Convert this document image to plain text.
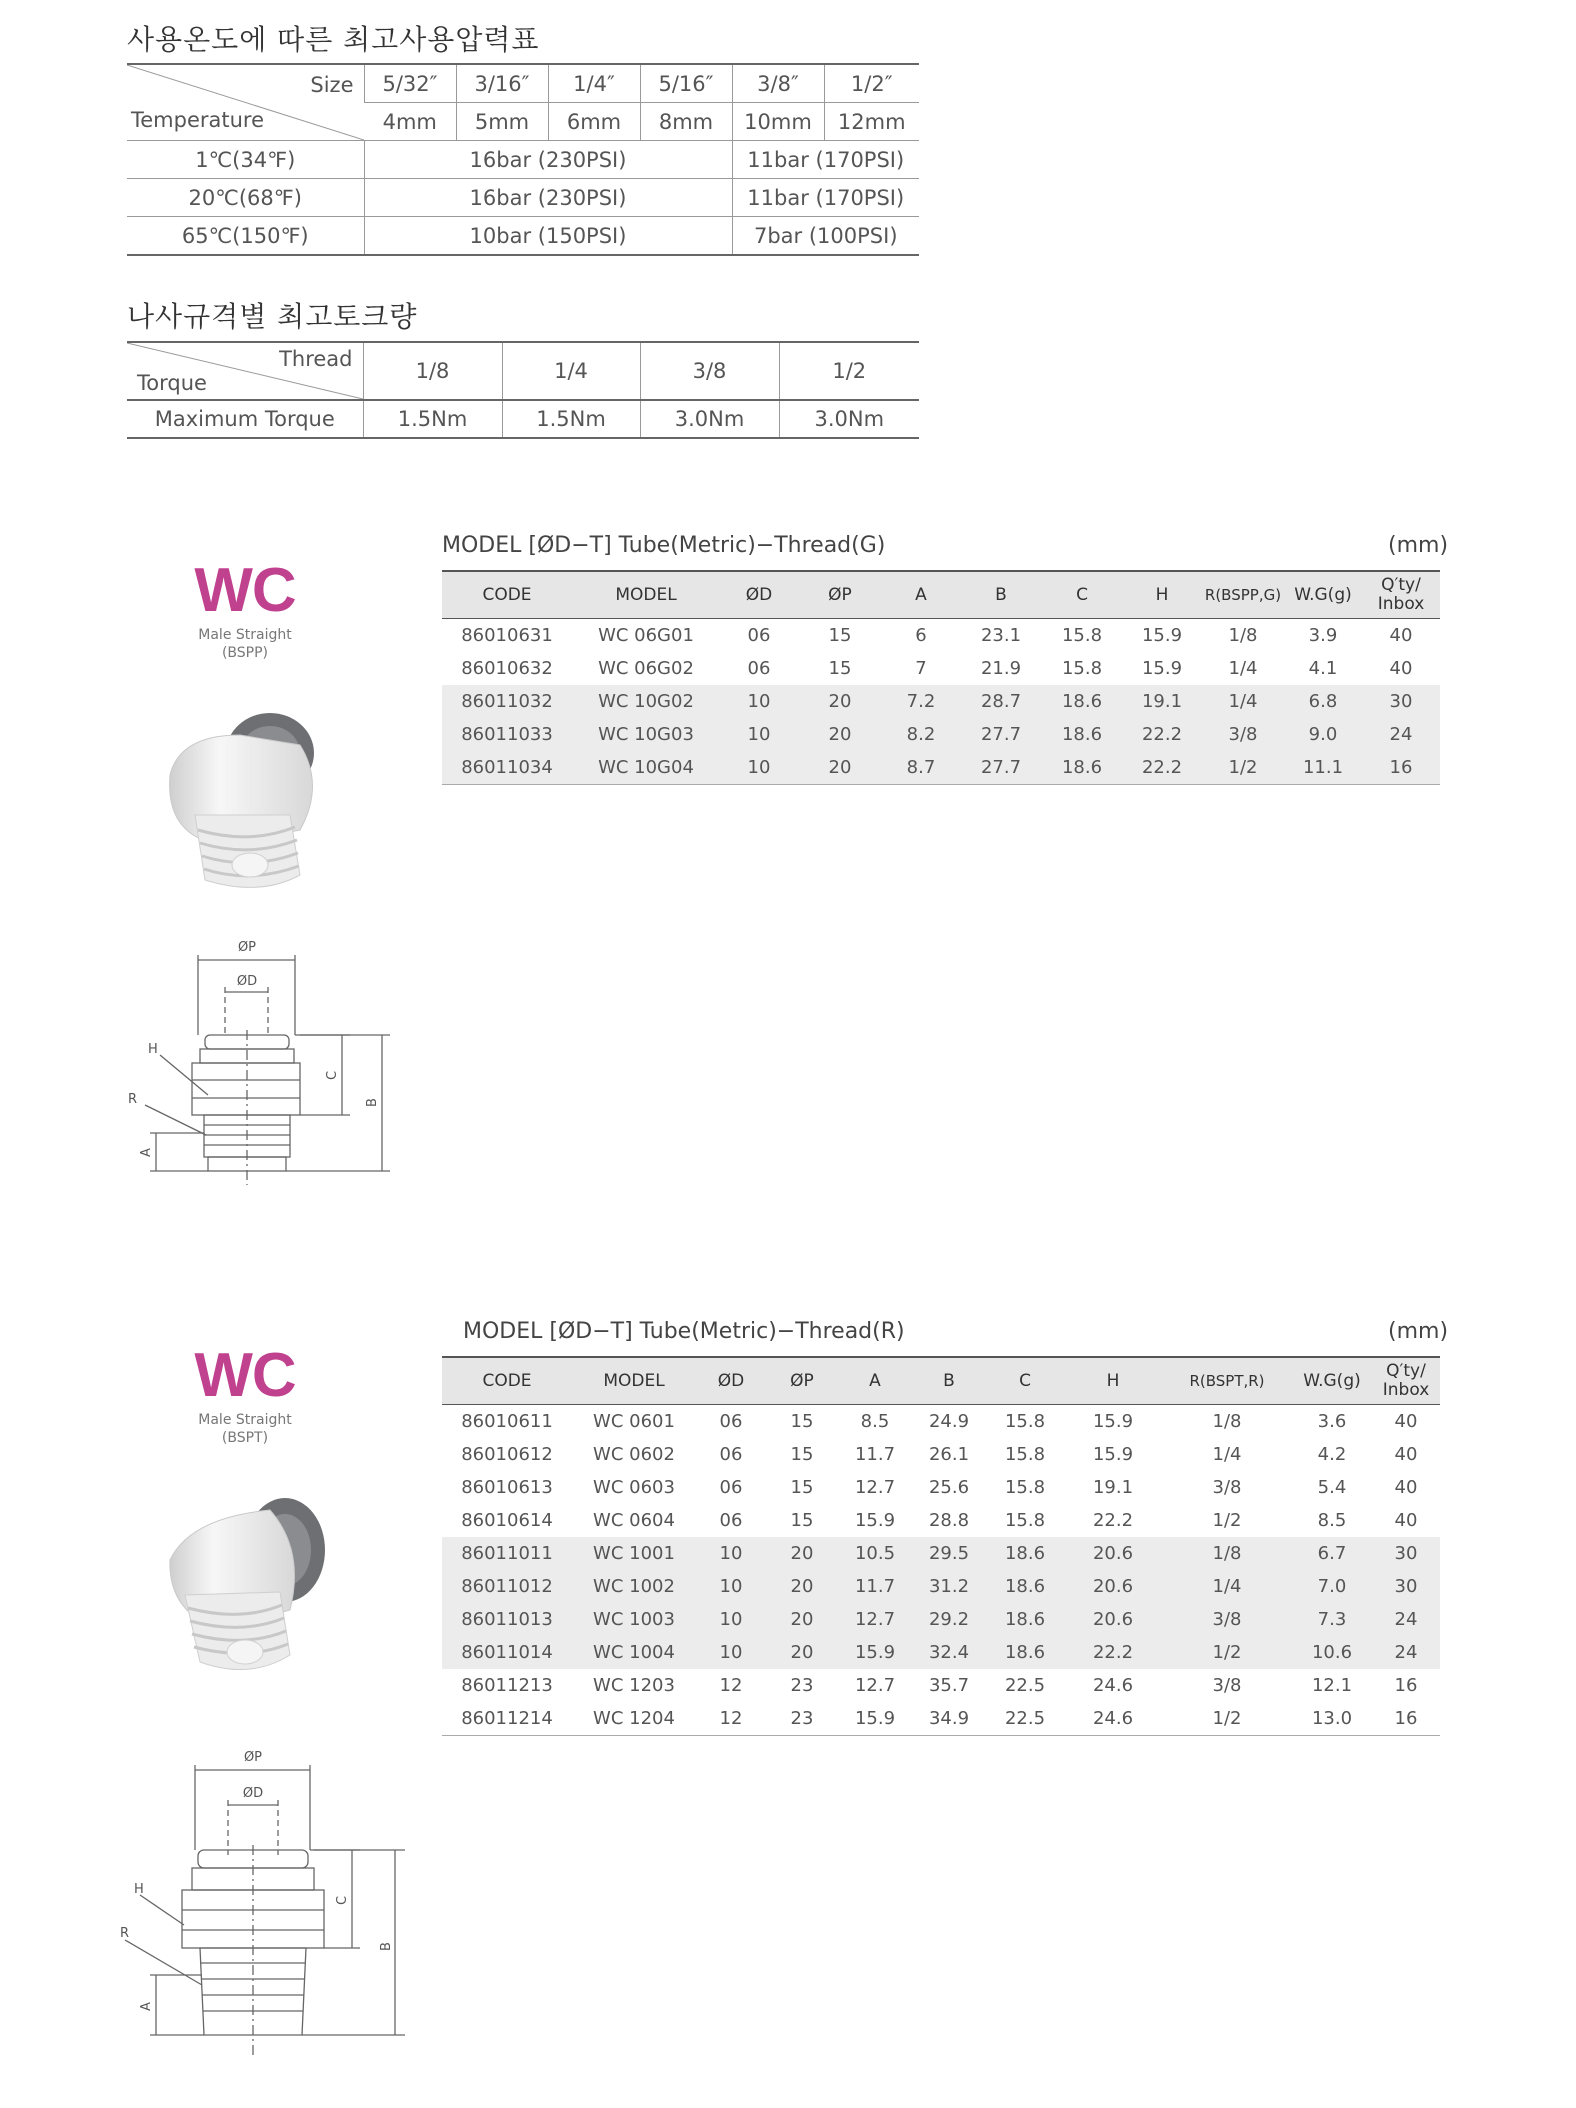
사용온도에 따른 최고사용압력표
Size
Temperature	5/32″	3/16″	1/4″	5/16″	3/8″	1/2″
	4mm	5mm	6mm	8mm	10mm	12mm
1℃(34℉)	16bar (230PSI)				11bar (170PSI)	
20℃(68℉)	16bar (230PSI)				11bar (170PSI)	
65℃(150℉)	10bar (150PSI)				7bar (100PSI)	
나사규격별 최고토크량
Thread
Torque	1/8	1/4	3/8	1/2
Maximum Torque	1.5Nm	1.5Nm	3.0Nm	3.0Nm
WC
Male Straight
(BSPP)
ØP
ØD
H
R
A
C
B
MODEL [ØD−T] Tube(Metric)−Thread(G)	(mm)
CODE	MODEL	ØD	ØP	A	B	C	H	R(BSPP,G)	W.G(g)	Q′ty/
Inbox

86010631	WC 06G01	06	15	6	23.1	15.8	15.9	1/8	3.9	40
86010632	WC 06G02	06	15	7	21.9	15.8	15.9	1/4	4.1	40
86011032	WC 10G02	10	20	7.2	28.7	18.6	19.1	1/4	6.8	30
86011033	WC 10G03	10	20	8.2	27.7	18.6	22.2	3/8	9.0	24
86011034	WC 10G04	10	20	8.7	27.7	18.6	22.2	1/2	11.1	16
WC
Male Straight
(BSPT)
ØP
ØD
H
R
A
C
B
MODEL [ØD−T] Tube(Metric)−Thread(R)	(mm)
CODE	MODEL	ØD	ØP	A	B	C	H	R(BSPT,R)	W.G(g)	Q′ty/
Inbox

86010611	WC 0601	06	15	8.5	24.9	15.8	15.9	1/8	3.6	40
86010612	WC 0602	06	15	11.7	26.1	15.8	15.9	1/4	4.2	40
86010613	WC 0603	06	15	12.7	25.6	15.8	19.1	3/8	5.4	40
86010614	WC 0604	06	15	15.9	28.8	15.8	22.2	1/2	8.5	40
86011011	WC 1001	10	20	10.5	29.5	18.6	20.6	1/8	6.7	30
86011012	WC 1002	10	20	11.7	31.2	18.6	20.6	1/4	7.0	30
86011013	WC 1003	10	20	12.7	29.2	18.6	20.6	3/8	7.3	24
86011014	WC 1004	10	20	15.9	32.4	18.6	22.2	1/2	10.6	24
86011213	WC 1203	12	23	12.7	35.7	22.5	24.6	3/8	12.1	16
86011214	WC 1204	12	23	15.9	34.9	22.5	24.6	1/2	13.0	16
